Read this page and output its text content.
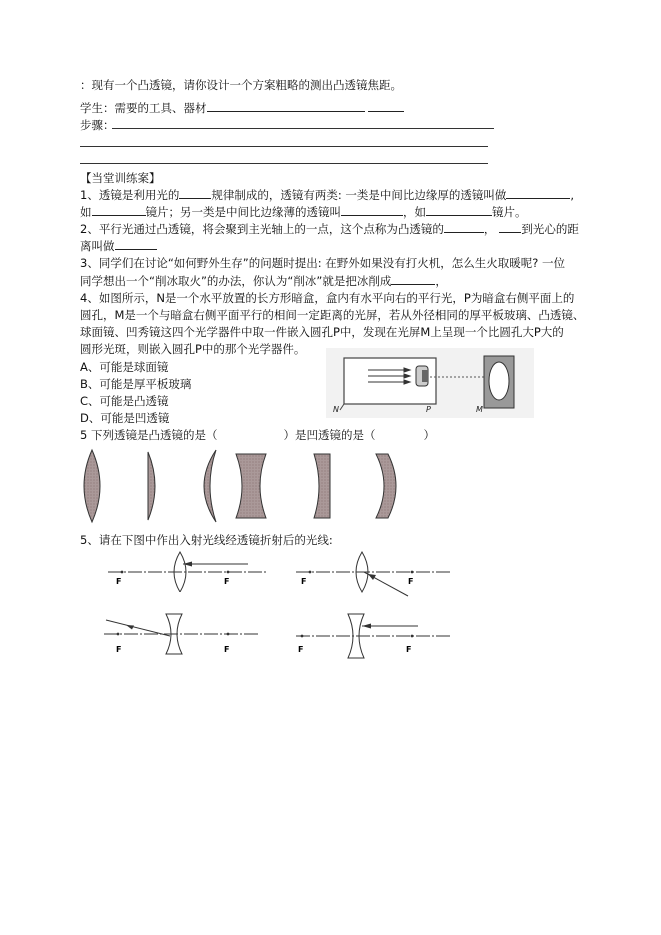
：现有一个凸透镜，请你设计一个方案粗略的测出凸透镜焦距。
学生：需要的工具、器材
步骤：
【当堂训练案】
1、透镜是利用光的	规律制成的，透镜有两类: 一类是中间比边缘厚的透镜叫做	,
如	镜片；另一类是中间比边缘薄的透镜叫	，如	镜片。
2、平行光通过凸透镜，将会聚到主光轴上的一点，这个点称为凸透镜的	， 到光心的距
离叫做
3、同学们在讨论“如何野外生存”的问题时提出: 在野外如果没有打火机，怎么生火取暖呢? 一位
同学想出一个“削冰取火”的办法，你认为“削冰”就是把冰削成	，
4、如图所示，N是一个水平放置的长方形暗盒，盒内有水平向右的平行光，P为暗盒右侧平面上的
圆孔，M是一个与暗盒右侧平面平行的相间一定距离的光屏，若从外径相同的厚平板玻璃、凸透镜、
球面镜、凹秀镜这四个光学器件中取一件嵌入圆孔P中，发现在光屏M上呈现一个比圆孔大P大的
圆形光斑，则嵌入圆孔P中的那个光学器件。
A、可能是球面镜
B、可能是厚平板玻璃
C、可能是凸透镜
D、可能是凹透镜
N	P	M
5 下列透镜是凸透镜的是（	）是凹透镜的是（	）
5、请在下图中作出入射光线经透镜折射后的光线:
F	F	F	F
F	F	F	F
